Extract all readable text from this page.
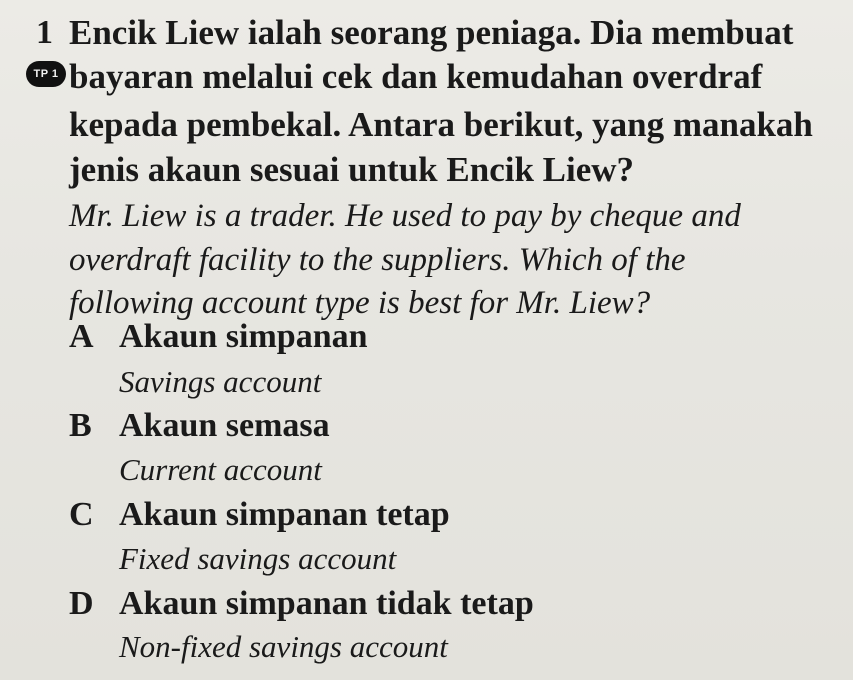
1
TP 1
Encik Liew ialah seorang peniaga. Dia membuat
bayaran melalui cek dan kemudahan overdraf
kepada pembekal. Antara berikut, yang manakah
jenis akaun sesuai untuk Encik Liew?
Mr. Liew is a trader. He used to pay by cheque and
overdraft facility to the suppliers. Which of the
following account type is best for Mr. Liew?
A Akaun simpanan
Savings account
B Akaun semasa
Current account
C Akaun simpanan tetap
Fixed savings account
D Akaun simpanan tidak tetap
Non-fixed savings account
